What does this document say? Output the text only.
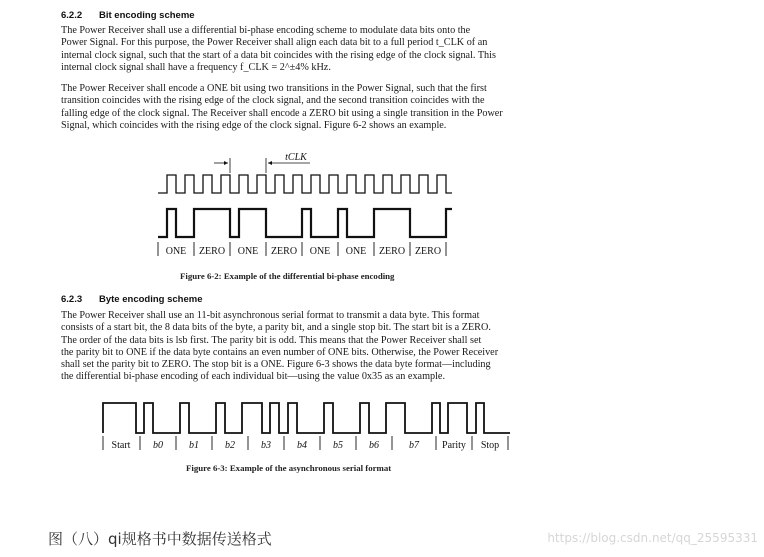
6.2.2 Bit encoding scheme
The Power Receiver shall use a differential bi-phase encoding scheme to modulate data bits onto the
Power Signal. For this purpose, the Power Receiver shall align each data bit to a full period t_CLK of an
internal clock signal, such that the start of a data bit coincides with the rising edge of the clock signal. This
internal clock signal shall have a frequency f_CLK = 2^±4% kHz.
The Power Receiver shall encode a ONE bit using two transitions in the Power Signal, such that the first
transition coincides with the rising edge of the clock signal, and the second transition coincides with the
falling edge of the clock signal. The Receiver shall encode a ZERO bit using a single transition in the Power
Signal, which coincides with the rising edge of the clock signal. Figure 6-2 shows an example.
tCLK
ONE ZERO ONE ZERO ONE ONE ZERO ZERO
Start b0	b1	b2	b3	b4	b5	b6	b7 Parity Stop
Figure 6-2: Example of the differential bi-phase encoding
6.2.3 Byte encoding scheme
The Power Receiver shall use an 11-bit asynchronous serial format to transmit a data byte. This format
consists of a start bit, the 8 data bits of the byte, a parity bit, and a single stop bit. The start bit is a ZERO.
The order of the data bits is lsb first. The parity bit is odd. This means that the Power Receiver shall set
the parity bit to ONE if the data byte contains an even number of ONE bits. Otherwise, the Power Receiver
shall set the parity bit to ZERO. The stop bit is a ONE. Figure 6-3 shows the data byte format—including
the differential bi-phase encoding of each individual bit—using the value 0x35 as an example.
Figure 6-3: Example of the asynchronous serial format
图（八）qi规格书中数据传送格式	https://blog.csdn.net/qq_25595331
